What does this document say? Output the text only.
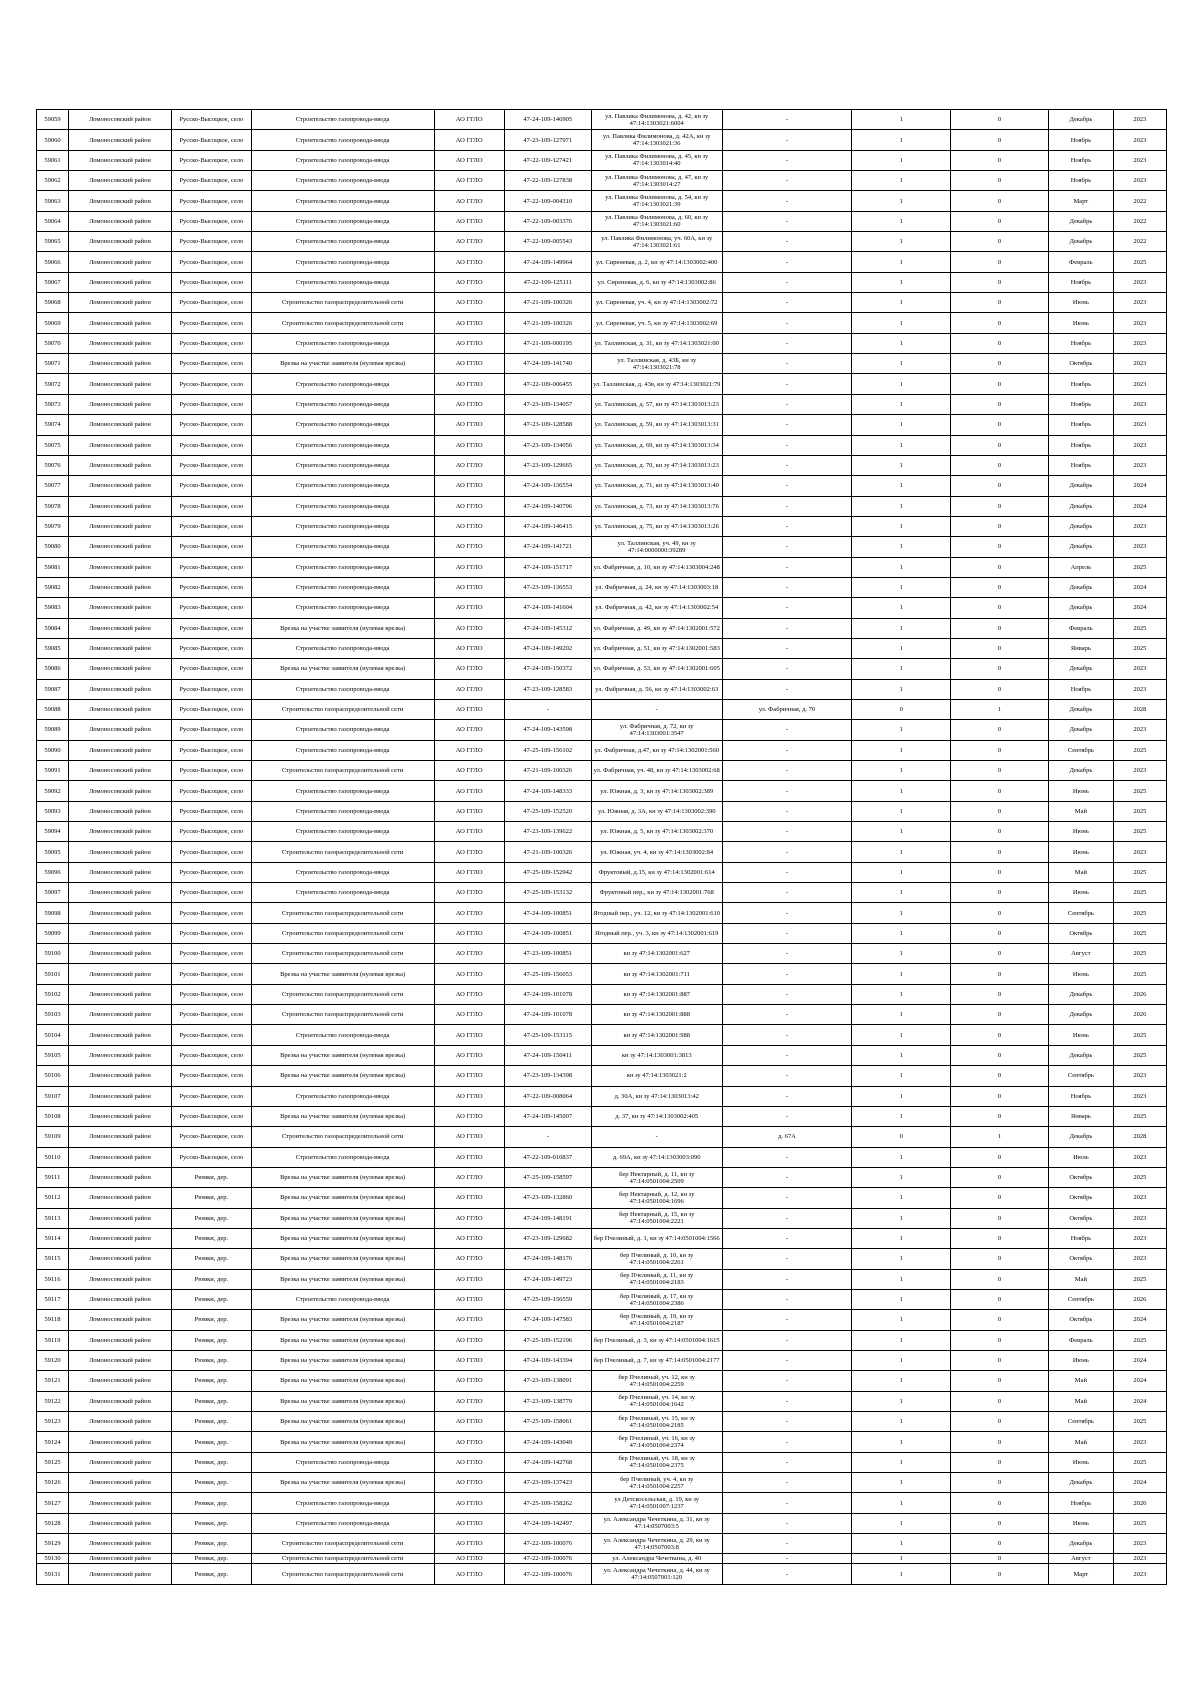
59059	Ломоносовский район	Русско-Высоцкое, село	Строительство газопровода-ввода	АО ГГЛО	47-24-109-146905	ул. Павлика Филимонова, д. 42, кн зу 47:14:1303021:6004	-	1	0	Декабрь	2023
59060	Ломоносовский район	Русско-Высоцкое, село	Строительство газопровода-ввода	АО ГГЛО	47-23-109-127971	ул. Павлика Филимонова, д. 42А, кн зу 47:14:1303021:36	-	1	0	Ноябрь	2023
59061	Ломоносовский район	Русско-Высоцкое, село	Строительство газопровода-ввода	АО ГГЛО	47-22-109-127421	ул. Павлика Филимонова, д. 45, кн зу 47:14:1303014:40	-	1	0	Ноябрь	2023
59062	Ломоносовский район	Русско-Высоцкое, село	Строительство газопровода-ввода	АО ГГЛО	47-22-109-127838	ул. Павлика Филимонова, д. 47, кн зу 47:14:1303014:27	-	1	0	Ноябрь	2023
59063	Ломоносовский район	Русско-Высоцкое, село	Строительство газопровода-ввода	АО ГГЛО	47-22-109-004310	ул. Павлика Филимонова, д. 54, кн зу 47:14:1303021:39	-	1	0	Март	2022
59064	Ломоносовский район	Русско-Высоцкое, село	Строительство газопровода-ввода	АО ГГЛО	47-22-109-003376	ул. Павлика Филимонова, д. 60, кн зу 47:14:1303021:60	-	1	0	Декабрь	2022
59065	Ломоносовский район	Русско-Высоцкое, село	Строительство газопровода-ввода	АО ГГЛО	47-22-109-005543	ул. Павлика Филимонова, уч. 60А, кн зу 47:14:1303021:61	-	1	0	Декабрь	2022
59066	Ломоносовский район	Русско-Высоцкое, село	Строительство газопровода-ввода	АО ГГЛО	47-24-109-149964	ул. Сиреневая, д. 2, кн зу 47:14:1303002:400	-	1	0	Февраль	2025
59067	Ломоносовский район	Русско-Высоцкое, село	Строительство газопровода-ввода	АО ГГЛО	47-22-109-125111	ул. Сиреневая, д. 6, кн зу 47:14:1303002:86	-	1	0	Ноябрь	2023
59068	Ломоносовский район	Русско-Высоцкое, село	Строительство газораспределительной сети	АО ГГЛО	47-21-109-100326	ул. Сиреневая, уч. 4, кн зу 47:14:1303002:72	-	1	0	Июнь	2023
59069	Ломоносовский район	Русско-Высоцкое, село	Строительство газораспределительной сети	АО ГГЛО	47-21-109-100326	ул. Сиреневая, уч. 5, кн зу 47:14:1303002:69	-	1	0	Июнь	2023
59070	Ломоносовский район	Русско-Высоцкое, село	Строительство газопровода-ввода	АО ГГЛО	47-21-109-000195	ул. Таллинская, д. 31, кн зу 47:14:1303021:00	-	1	0	Ноябрь	2023
59071	Ломоносовский район	Русско-Высоцкое, село	Врезка на участке заявителя (нулевая врезка)	АО ГГЛО	47-24-109-141740	ул. Таллинская, д. 43Б, кн зу 47:14:1303021:78	-	1	0	Октябрь	2023
59072	Ломоносовский район	Русско-Высоцкое, село	Строительство газопровода-ввода	АО ГГЛО	47-22-109-006455	ул. Таллинская, д. 43в, кн зу 47:14:1303021:79	-	1	0	Ноябрь	2023
59073	Ломоносовский район	Русско-Высоцкое, село	Строительство газопровода-ввода	АО ГГЛО	47-23-109-134057	ул. Таллинская, д. 57, кн зу 47:14:1303013:23	-	1	0	Ноябрь	2023
59074	Ломоносовский район	Русско-Высоцкое, село	Строительство газопровода-ввода	АО ГГЛО	47-23-109-128588	ул. Таллинская, д. 59, кн зу 47:14:1303013:31	-	1	0	Ноябрь	2023
59075	Ломоносовский район	Русско-Высоцкое, село	Строительство газопровода-ввода	АО ГГЛО	47-23-109-134056	ул. Таллинская, д. 69, кн зу 47:14:1303013:34	-	1	0	Ноябрь	2023
59076	Ломоносовский район	Русско-Высоцкое, село	Строительство газопровода-ввода	АО ГГЛО	47-23-109-129665	ул. Таллинская, д. 70, кн зу 47:14:1303013:23	-	1	0	Ноябрь	2023
59077	Ломоносовский район	Русско-Высоцкое, село	Строительство газопровода-ввода	АО ГГЛО	47-24-109-136554	ул. Таллинская, д. 71, кн зу 47:14:1303013:40	-	1	0	Декабрь	2024
59078	Ломоносовский район	Русско-Высоцкое, село	Строительство газопровода-ввода	АО ГГЛО	47-24-109-140796	ул. Таллинская, д. 73, кн зу 47:14:1303013:76	-	1	0	Декабрь	2024
59079	Ломоносовский район	Русско-Высоцкое, село	Строительство газопровода-ввода	АО ГГЛО	47-24-109-146415	ул. Таллинская, д. 75, кн зу 47:14:1303013:26	-	1	0	Декабрь	2023
59080	Ломоносовский район	Русско-Высоцкое, село	Строительство газопровода-ввода	АО ГГЛО	47-24-109-141721	ул. Таллинская, уч. 49, кн зу 47:14:0000000:39289	-	1	0	Декабрь	2023
59081	Ломоносовский район	Русско-Высоцкое, село	Строительство газопровода-ввода	АО ГГЛО	47-24-109-151717	ул. Фабричная, д. 10, кн зу 47:14:1303004:248	-	1	0	Апрель	2025
59082	Ломоносовский район	Русско-Высоцкое, село	Строительство газопровода-ввода	АО ГГЛО	47-23-109-136553	ул. Фабричная, д. 24, кн зу 47:14:1303003:18	-	1	0	Декабрь	2024
59083	Ломоносовский район	Русско-Высоцкое, село	Строительство газопровода-ввода	АО ГГЛО	47-24-109-141604	ул. Фабричная, д. 42, кн зу 47:14:1303002:54	-	1	0	Декабрь	2024
59084	Ломоносовский район	Русско-Высоцкое, село	Врезка на участке заявителя (нулевая врезка)	АО ГГЛО	47-24-109-145312	ул. Фабричная, д. 49, кн зу 47:14:1302001:572	-	1	0	Февраль	2025
59085	Ломоносовский район	Русско-Высоцкое, село	Строительство газопровода-ввода	АО ГГЛО	47-24-109-149202	ул. Фабричная, д. 51, кн зу 47:14:1302001:583	-	1	0	Январь	2025
59086	Ломоносовский район	Русско-Высоцкое, село	Врезка на участке заявителя (нулевая врезка)	АО ГГЛО	47-24-109-150372	ул. Фабричная, д. 53, кн зу 47:14:1302001:605	-	1	0	Декабрь	2023
59087	Ломоносовский район	Русско-Высоцкое, село	Строительство газопровода-ввода	АО ГГЛО	47-23-109-128583	ул. Фабричная, д. 56, кн зу 47:14:1303002:63	-	1	0	Ноябрь	2023
59088	Ломоносовский район	Русско-Высоцкое, село	Строительство газораспределительной сети	АО ГГЛО	-	-	ул. Фабричная, д. 70	0	1	Декабрь	2028
59089	Ломоносовский район	Русско-Высоцкое, село	Строительство газопровода-ввода	АО ГГЛО	47-24-109-143598	ул. Фабричная, д. 72, кн зу 47:14:1303001:3547	-	1	0	Декабрь	2023
59090	Ломоносовский район	Русско-Высоцкое, село	Строительство газопровода-ввода	АО ГГЛО	47-25-109-156102	ул. Фабричная, д.47, кн зу 47:14:1302001:560	-	1	0	Сентябрь	2025
59091	Ломоносовский район	Русско-Высоцкое, село	Строительство газораспределительной сети	АО ГГЛО	47-21-109-100326	ул. Фабричная, уч. 48, кн зу 47:14:1303002:68	-	1	0	Декабрь	2023
59092	Ломоносовский район	Русско-Высоцкое, село	Строительство газопровода-ввода	АО ГГЛО	47-24-109-148333	ул. Южная, д. 3, кн зу 47:14:1303002:389	-	1	0	Июнь	2025
59093	Ломоносовский район	Русско-Высоцкое, село	Строительство газопровода-ввода	АО ГГЛО	47-25-109-152520	ул. Южная, д. 3А, кн зу 47:14:1303002:390	-	1	0	Май	2025
59094	Ломоносовский район	Русско-Высоцкое, село	Строительство газопровода-ввода	АО ГГЛО	47-23-109-139622	ул. Южная, д. 5, кн зу 47:14:1303002:370	-	1	0	Июнь	2025
59095	Ломоносовский район	Русско-Высоцкое, село	Строительство газораспределительной сети	АО ГГЛО	47-21-109-100326	ул. Южная, уч. 4, кн зу 47:14:1303002:84	-	1	0	Июнь	2023
59096	Ломоносовский район	Русско-Высоцкое, село	Строительство газопровода-ввода	АО ГГЛО	47-25-109-152942	Фруктовый, д.15, кн зу 47:14:1302001:614	-	1	0	Май	2025
59097	Ломоносовский район	Русско-Высоцкое, село	Строительство газопровода-ввода	АО ГГЛО	47-25-109-153132	Фруктовый пер., кн зу 47:14:1302001:768	-	1	0	Июнь	2025
59098	Ломоносовский район	Русско-Высоцкое, село	Строительство газораспределительной сети	АО ГГЛО	47-24-109-100851	Ягодный пер., уч. 12, кн зу 47:14:1302001:610	-	1	0	Сентябрь	2025
59099	Ломоносовский район	Русско-Высоцкое, село	Строительство газораспределительной сети	АО ГГЛО	47-24-109-100851	Ягодный пер., уч. 3, кн зу 47:14:1302001:619	-	1	0	Октябрь	2025
59100	Ломоносовский район	Русско-Высоцкое, село	Строительство газораспределительной сети	АО ГГЛО	47-23-109-100851	кн зу 47:14:1302001:627	-	1	0	Август	2025
59101	Ломоносовский район	Русско-Высоцкое, село	Врезка на участке заявителя (нулевая врезка)	АО ГГЛО	47-25-109-156053	кн зу 47:14:1302001:711	-	1	0	Июнь	2025
59102	Ломоносовский район	Русско-Высоцкое, село	Строительство газораспределительной сети	АО ГГЛО	47-24-109-101078	кн зу 47:14:1302001:887	-	1	0	Декабрь	2026
59103	Ломоносовский район	Русско-Высоцкое, село	Строительство газораспределительной сети	АО ГГЛО	47-24-109-101078	кн зу 47:14:1302001:888	-	1	0	Декабрь	2026
59104	Ломоносовский район	Русско-Высоцкое, село	Строительство газопровода-ввода	АО ГГЛО	47-25-109-153115	кн зу 47:14:1302001:988	-	1	0	Июнь	2025
59105	Ломоносовский район	Русско-Высоцкое, село	Врезка на участке заявителя (нулевая врезка)	АО ГГЛО	47-24-109-150411	кн зу 47:14:1303001:3813	-	1	0	Декабрь	2025
59106	Ломоносовский район	Русско-Высоцкое, село	Врезка на участке заявителя (нулевая врезка)	АО ГГЛО	47-23-109-134398	кн зу 47:14:1303021:2	-	1	0	Сентябрь	2023
59107	Ломоносовский район	Русско-Высоцкое, село	Строительство газопровода-ввода	АО ГГЛО	47-22-109-008064	д. 30А, кн зу 47:14:1303013:42	-	1	0	Ноябрь	2023
59108	Ломоносовский район	Русско-Высоцкое, село	Врезка на участке заявителя (нулевая врезка)	АО ГГЛО	47-24-109-145007	д. 37, кн зу 47:14:1303002:405	-	1	0	Январь	2025
59109	Ломоносовский район	Русско-Высоцкое, село	Строительство газораспределительной сети	АО ГГЛО	-	-	д. 67А	0	1	Декабрь	2028
59110	Ломоносовский район	Русско-Высоцкое, село	Строительство газопровода-ввода	АО ГГЛО	47-22-109-010837	д. 69А, кн зу 47:14:1303003:090	-	1	0	Июль	2023
59111	Ломоносовский район	Рюмки, дер.	Врезка на участке заявителя (нулевая врезка)	АО ГГЛО	47-25-109-158597	бер Нектарный, д. 11, кн зу 47:14:0501004:2509	-	1	0	Октябрь	2025
59112	Ломоносовский район	Рюмки, дер.	Врезка на участке заявителя (нулевая врезка)	АО ГГЛО	47-23-109-132860	бер Нектарный, д. 12, кн зу 47:14:0501004:1696	-	1	0	Октябрь	2023
59113	Ломоносовский район	Рюмки, дер.	Врезка на участке заявителя (нулевая врезка)	АО ГГЛО	47-24-109-148191	бер Нектарный, д. 15, кн зу 47:14:0501004:2221	-	1	0	Октябрь	2023
59114	Ломоносовский район	Рюмки, дер.	Врезка на участке заявителя (нулевая врезка)	АО ГГЛО	47-23-109-129682	бер Пчелиный, д. 1, кн зу 47:14:0501004:1566	-	1	0	Ноябрь	2023
59115	Ломоносовский район	Рюмки, дер.	Врезка на участке заявителя (нулевая врезка)	АО ГГЛО	47-24-109-148176	бер Пчелиный, д. 10, кн зу 47:14:0501004:2261	-	1	0	Октябрь	2023
59116	Ломоносовский район	Рюмки, дер.	Врезка на участке заявителя (нулевая врезка)	АО ГГЛО	47-24-109-149723	бер Пчелиный, д. 11, кн зу 47:14:0501004:2183	-	1	0	Май	2025
59117	Ломоносовский район	Рюмки, дер.	Строительство газопровода-ввода	АО ГГЛО	47-25-109-156559	бер Пчелиный, д. 17, кн зу 47:14:0501004:2386	-	1	0	Сентябрь	2026
59118	Ломоносовский район	Рюмки, дер.	Врезка на участке заявителя (нулевая врезка)	АО ГГЛО	47-24-109-147583	бер Пчелиный, д. 19, кн зу 47:14:0501004:2187	-	1	0	Октябрь	2024
59119	Ломоносовский район	Рюмки, дер.	Врезка на участке заявителя (нулевая врезка)	АО ГГЛО	47-25-109-152196	бер Пчелиный, д. 3, кн зу 47:14:0501004:1615	-	1	0	Февраль	2025
59120	Ломоносовский район	Рюмки, дер.	Врезка на участке заявителя (нулевая врезка)	АО ГГЛО	47-24-109-143394	бер Пчелиный, д. 7, кн зу 47:14:0501004:2177	-	1	0	Июнь	2024
59121	Ломоносовский район	Рюмки, дер.	Врезка на участке заявителя (нулевая врезка)	АО ГГЛО	47-23-109-138091	бер Пчелиный, уч. 12, кн зу 47:14:0501004:2259	-	1	0	Май	2024
59122	Ломоносовский район	Рюмки, дер.	Врезка на участке заявителя (нулевая врезка)	АО ГГЛО	47-23-109-138779	бер Пчелиный, уч. 14, кн зу 47:14:0501004:1642	-	1	0	Май	2024
59123	Ломоносовский район	Рюмки, дер.	Врезка на участке заявителя (нулевая врезка)	АО ГГЛО	47-25-109-158061	бер Пчелиный, уч. 15, кн зу 47:14:0501004:2185	-	1	0	Сентябрь	2025
59124	Ломоносовский район	Рюмки, дер.	Врезка на участке заявителя (нулевая врезка)	АО ГГЛО	47-24-109-143049	бер Пчелиный, уч. 16, кн зу 47:14:0501004:2374	-	1	0	Май	2023
59125	Ломоносовский район	Рюмки, дер.	Строительство газопровода-ввода	АО ГГЛО	47-24-109-142768	бер Пчелиный, уч. 18, кн зу 47:14:0501004:2375	-	1	0	Июнь	2025
59126	Ломоносовский район	Рюмки, дер.	Врезка на участке заявителя (нулевая врезка)	АО ГГЛО	47-23-109-137423	бер Пчелиный, уч. 4, кн зу 47:14:0501004:2257	-	1	0	Декабрь	2024
59127	Ломоносовский район	Рюмки, дер.	Строительство газопровода-ввода	АО ГГЛО	47-25-109-158262	ул Детскосельская, д. 19, кн зу 47:14:0501007:1237	-	1	0	Ноябрь	2026
59128	Ломоносовский район	Рюмки, дер.	Строительство газопровода-ввода	АО ГГЛО	47-24-109-142497	ул. Александра Чечеткина, д. 31, кн зу 47:14:0507003:5	-	1	0	Июнь	2025
59129	Ломоносовский район	Рюмки, дер.	Строительство газораспределительной сети	АО ГГЛО	47-22-109-100076	ул. Александра Чечеткина, д. 29, кн зу 47:14:0507003:8	-	1	0	Декабрь	2023
59130	Ломоносовский район	Рюмки, дер.	Строительство газораспределительной сети	АО ГГЛО	47-22-109-100076	ул. Александра Чечеткина, д. 40	-	1	0	Август	2023
59131	Ломоносовский район	Рюмки, дер.	Строительство газораспределительной сети	АО ГГЛО	47-22-109-100076	ул. Александра Чечеткина, д. 44, кн зу 47:14:0507001:120	-	1	0	Март	2023
